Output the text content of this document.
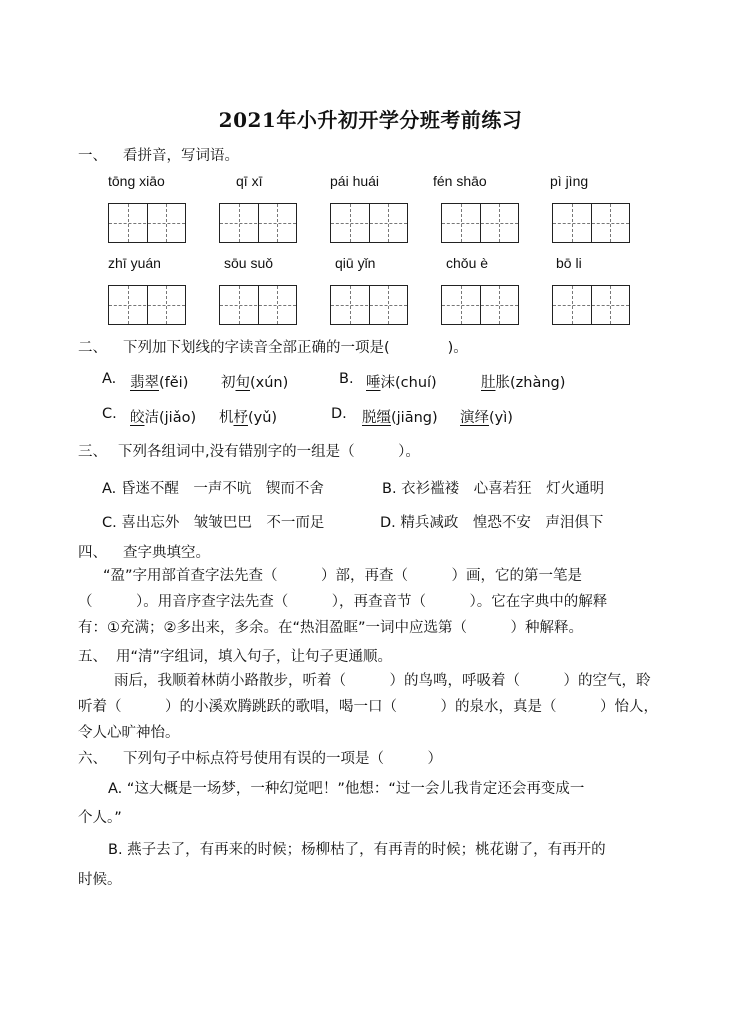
2021年小升初开学分班考前练习
一、 看拼音，写词语。
tōng xiāo	qī xī	pái huái	fén shāo	pì jìng
zhī yuán	sōu suǒ	qiū yǐn	chǒu è	bō li
二、 下列加下划线的字读音全部正确的一项是(　　　　)。
A. 翡翠(fěi) 初旬(xún)	B. 唾沫(chuí)	肚胀(zhàng)
C. 皎洁(jiǎo) 机杼(yǔ)	D. 脱缰(jiāng) 演绎(yì)
三、 下列各组词中,没有错别字的一组是（　　　）。
A. 昏迷不醒　一声不吭　锲而不舍	B. 衣衫褴褛　心喜若狂　灯火通明
C. 喜出忘外　皱皱巴巴　不一而足	D. 精兵减政　惶恐不安　声泪俱下
四、 查字典填空。
“盈”字用部首查字法先查（　　　）部，再查（　　　）画，它的第一笔是
（　　　）。用音序查字法先查（　　　），再查音节（　　　）。它在字典中的解释
有：①充满；②多出来，多余。在“热泪盈眶”一词中应选第（　　　）种解释。
五、 用“清”字组词，填入句子，让句子更通顺。
雨后，我顺着林荫小路散步，听着（　　　）的鸟鸣，呼吸着（　　　）的空气，聆
听着（　　　）的小溪欢腾跳跃的歌唱，喝一口（　　　）的泉水，真是（　　　）怡人，
令人心旷神怡。
六、 下列句子中标点符号使用有误的一项是（　　　）
A. “这大概是一场梦，一种幻觉吧！”他想：“过一会儿我肯定还会再变成一
个人。”
B. 燕子去了，有再来的时候；杨柳枯了，有再青的时候；桃花谢了，有再开的
时候。
